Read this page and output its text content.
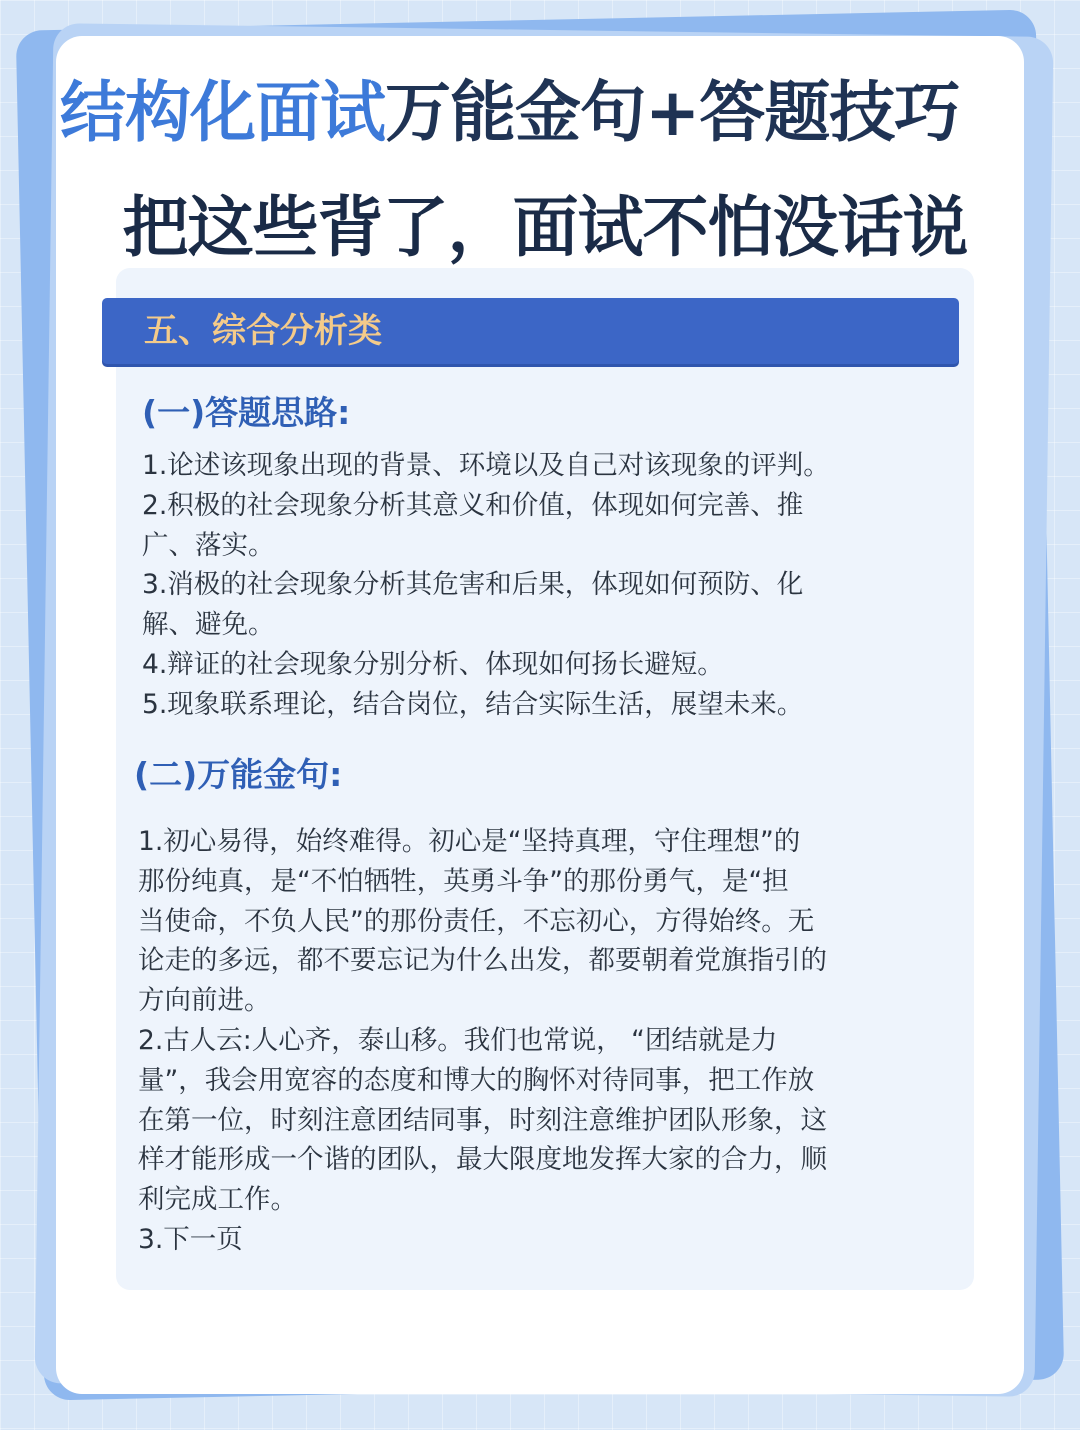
结构化面试万能金句+答题技巧
把这些背了，面试不怕没话说
五、综合分析类
(一)答题思路:

1.论述该现象出现的背景、环境以及自己对该现象的评判。

2.积极的社会现象分析其意义和价值，体现如何完善、推

广、落实。

3.消极的社会现象分析其危害和后果，体现如何预防、化

解、避免。

4.辩证的社会现象分别分析、体现如何扬长避短。

5.现象联系理论，结合岗位，结合实际生活，展望未来。

(二)万能金句:

1.初心易得，始终难得。初心是“坚持真理，守住理想”的

那份纯真，是“不怕牺牲，英勇斗争”的那份勇气，是“担

当使命，不负人民”的那份责任，不忘初心，方得始终。无

论走的多远，都不要忘记为什么出发，都要朝着党旗指引的

方向前进。

2.古人云:人心齐，泰山移。我们也常说， “团结就是力

量”，我会用宽容的态度和博大的胸怀对待同事，把工作放

在第一位，时刻注意团结同事，时刻注意维护团队形象，这

样才能形成一个谐的团队，最大限度地发挥大家的合力，顺

利完成工作。

3.下一页
